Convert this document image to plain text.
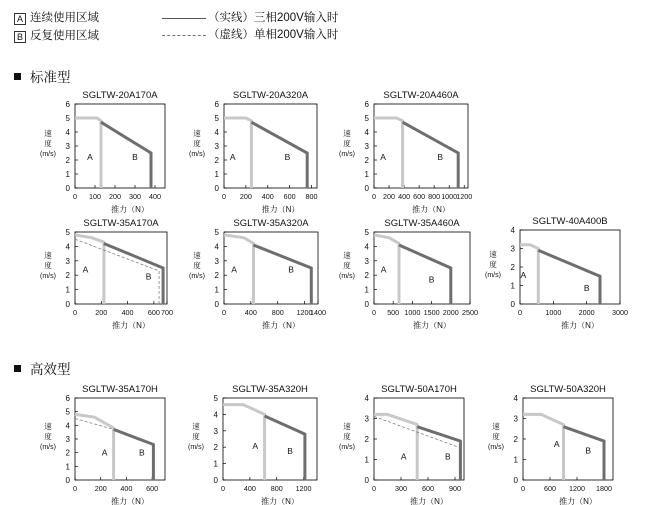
A 连续使用区域
B 反复使用区域
（实线）三相200V输入时
（虚线）单相200V输入时
标准型
高效型
SGLTW-20A170A
0
1
2
3
4
5
6
0 100 200 300 400
速
度
(m/s)
推力（N）
A	B
SGLTW-20A320A
0
1
2
3
4
5
6
0 200 400 600 800
速
度
(m/s)
推力（N）
A	B
SGLTW-20A460A
0
1
2
3
4
5
6
0 200 400 600 800 1000 1200
速
度
(m/s)
推力（N）
A	B
SGLTW-35A170A
0
1
2
3
4
5
0	200 400 600 700
速
度
(m/s)
推力（N）
A
B
SGLTW-35A320A
0
1
2
3
4
5
0	400 800 1200
1400
速
度
(m/s)
推力（N）
A	B
SGLTW-35A460A
0
1
2
3
4
5
0 500 1000 1500 2000 2500
速
度
(m/s)
推力（N）
A
B
SGLTW-40A400B
0
1
2
3
4
0	1000 2000 3000
速
度
(m/s)
推力（N）
A
B
SGLTW-35A170H
0
1
2
3
4
5
6
0 200 400 600
速
度
(m/s)
推力（N）
A	B
SGLTW-35A320H
0
1
2
3
4
5
0	400 800 1200
速
度
(m/s)
推力（N）
A	B
SGLTW-50A170H
0
1
2
3
4
0	300 600 900
速
度
(m/s)
推力（N）
A	B
SGLTW-50A320H
0
1
2
3
4
0	600 1200 1800
速
度
(m/s)
推力（N）
A
B
